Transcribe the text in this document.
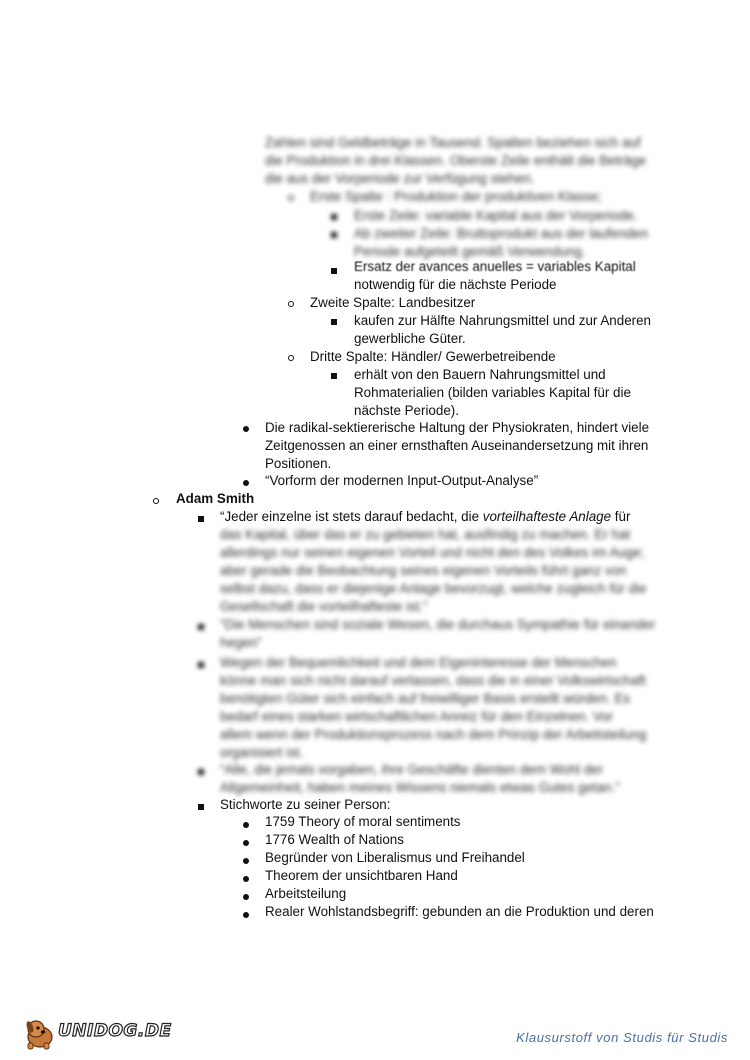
Zahlen sind Geldbeträge in Tausend. Spalten beziehen sich auf
die Produktion in drei Klassen. Oberste Zeile enthält die Beträge
die aus der Vorperiode zur Verfügung stehen.
Erste Spalte : Produktion der produktiven Klasse;
Erste Zeile: variable Kapital aus der Vorperiode.
Ab zweiter Zeile: Bruttoprodukt aus der laufenden
Periode aufgeteilt gemäß Verwendung.
Ersatz der avances anuelles = variables Kapital
notwendig für die nächste Periode
Zweite Spalte: Landbesitzer
kaufen zur Hälfte Nahrungsmittel und zur Anderen
gewerbliche Güter.
Dritte Spalte: Händler/ Gewerbetreibende
erhält von den Bauern Nahrungsmittel und
Rohmaterialien (bilden variables Kapital für die
nächste Periode).
Die radikal-sektiererische Haltung der Physiokraten, hindert viele
Zeitgenossen an einer ernsthaften Auseinandersetzung mit ihren
Positionen.
“Vorform der modernen Input-Output-Analyse”
Adam Smith
“Jeder einzelne ist stets darauf bedacht, die vorteilhafteste Anlage für
das Kapital, über das er zu gebieten hat, ausfindig zu machen. Er hat
allerdings nur seinen eigenen Vorteil und nicht den des Volkes im Auge;
aber gerade die Beobachtung seines eigenen Vorteils führt ganz von
selbst dazu, dass er diejenige Anlage bevorzugt, welche zugleich für die
Gesellschaft die vorteilhafteste ist.”
“Die Menschen sind soziale Wesen, die durchaus Sympathie für einander
hegen”
Wegen der Bequemlichkeit und dem Eigeninteresse der Menschen
könne man sich nicht darauf verlassen, dass die in einer Volkswirtschaft
benötigten Güter sich einfach auf freiwilliger Basis erstellt würden. Es
bedarf eines starken wirtschaftlichen Anreiz für den Einzelnen. Vor
allem wenn der Produktionsprozess nach dem Prinzip der Arbeitsteilung
organisiert ist.
“Alle, die jemals vorgaben, ihre Geschäfte dienten dem Wohl der
Allgemeinheit, haben meines Wissens niemals etwas Gutes getan.”
Stichworte zu seiner Person:
1759 Theory of moral sentiments
1776 Wealth of Nations
Begründer von Liberalismus und Freihandel
Theorem der unsichtbaren Hand
Arbeitsteilung
Realer Wohlstandsbegriff: gebunden an die Produktion und deren
UNIDOG.DE	Klausurstoff von Studis für Studis
